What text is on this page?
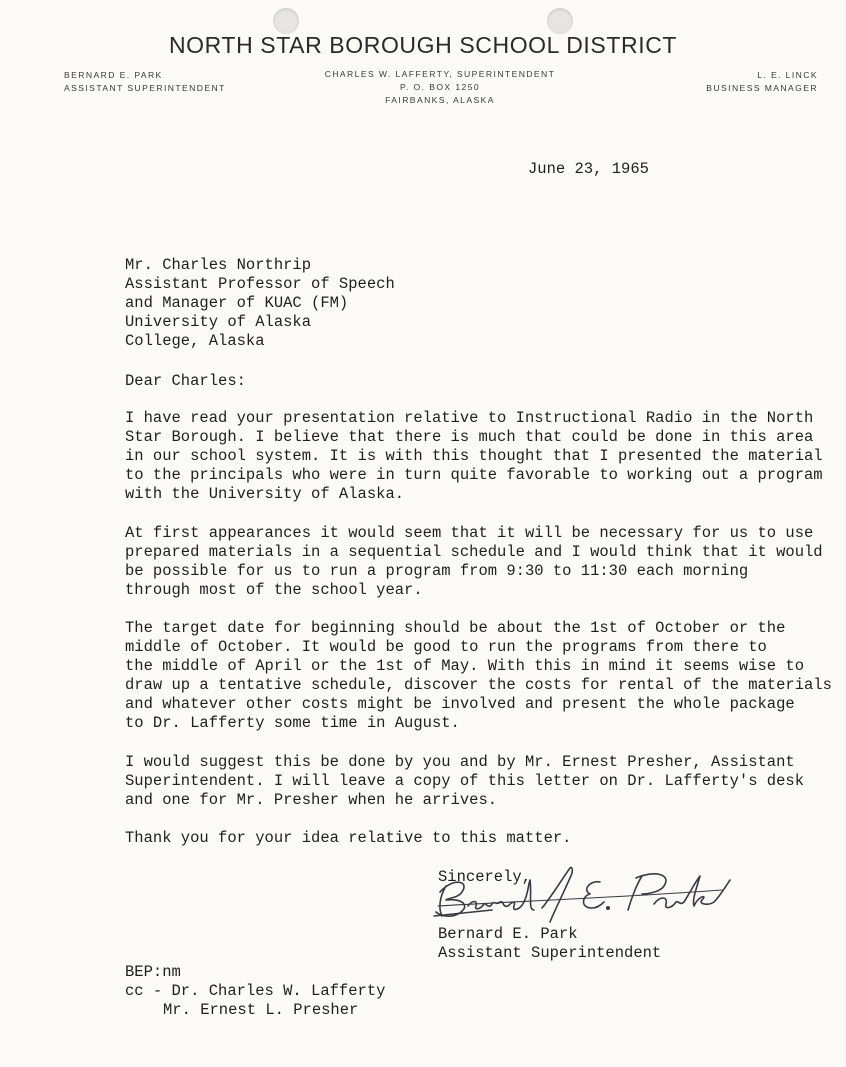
NORTH STAR BOROUGH SCHOOL DISTRICT
BERNARD E. PARK
ASSISTANT SUPERINTENDENT
CHARLES W. LAFFERTY, SUPERINTENDENT
P. O. BOX 1250
FAIRBANKS, ALASKA
L. E. LINCK
BUSINESS MANAGER
June 23, 1965
Mr. Charles Northrip
Assistant Professor of Speech
and Manager of KUAC (FM)
University of Alaska
College, Alaska
Dear Charles:
I have read your presentation relative to Instructional Radio in the North
Star Borough. I believe that there is much that could be done in this area
in our school system. It is with this thought that I presented the material
to the principals who were in turn quite favorable to working out a program
with the University of Alaska.
At first appearances it would seem that it will be necessary for us to use
prepared materials in a sequential schedule and I would think that it would
be possible for us to run a program from 9:30 to 11:30 each morning
through most of the school year.
The target date for beginning should be about the 1st of October or the
middle of October. It would be good to run the programs from there to
the middle of April or the 1st of May. With this in mind it seems wise to
draw up a tentative schedule, discover the costs for rental of the materials
and whatever other costs might be involved and present the whole package
to Dr. Lafferty some time in August.
I would suggest this be done by you and by Mr. Ernest Presher, Assistant
Superintendent. I will leave a copy of this letter on Dr. Lafferty's desk
and one for Mr. Presher when he arrives.
Thank you for your idea relative to this matter.
Sincerely,
Bernard E. Park
Assistant Superintendent
BEP:nm
cc - Dr. Charles W. Lafferty
Mr. Ernest L. Presher
